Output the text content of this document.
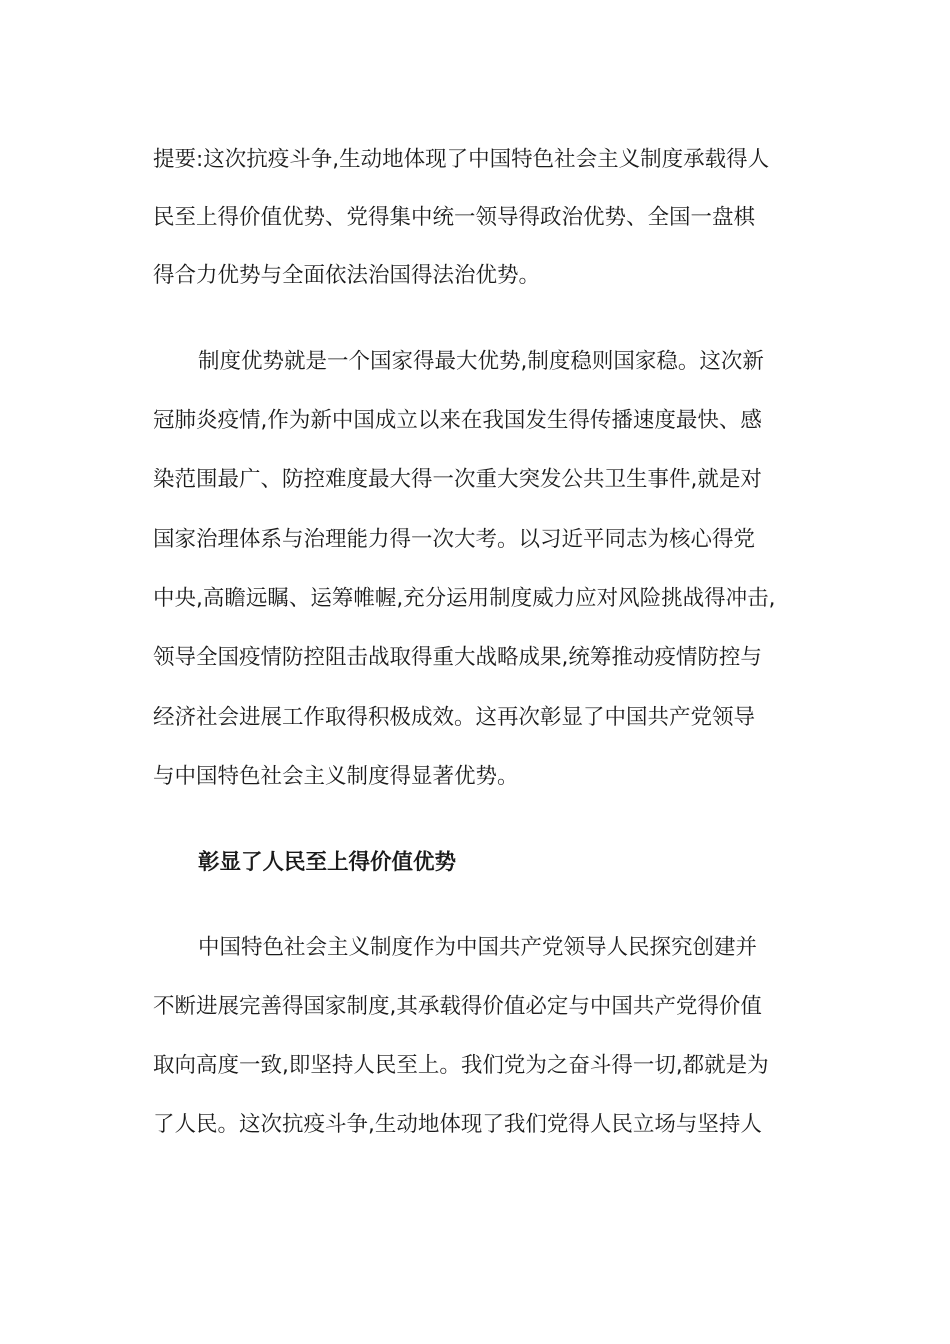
提要:这次抗疫斗争,生动地体现了中国特色社会主义制度承载得人
民至上得价值优势、党得集中统一领导得政治优势、全国一盘棋
得合力优势与全面依法治国得法治优势。
制度优势就是一个国家得最大优势,制度稳则国家稳。这次新
冠肺炎疫情,作为新中国成立以来在我国发生得传播速度最快、感
染范围最广、防控难度最大得一次重大突发公共卫生事件,就是对
国家治理体系与治理能力得一次大考。以习近平同志为核心得党
中央,高瞻远瞩、运筹帷幄,充分运用制度威力应对风险挑战得冲击,
领导全国疫情防控阻击战取得重大战略成果,统筹推动疫情防控与
经济社会进展工作取得积极成效。这再次彰显了中国共产党领导
与中国特色社会主义制度得显著优势。
彰显了人民至上得价值优势
中国特色社会主义制度作为中国共产党领导人民探究创建并
不断进展完善得国家制度,其承载得价值必定与中国共产党得价值
取向高度一致,即坚持人民至上。我们党为之奋斗得一切,都就是为
了人民。这次抗疫斗争,生动地体现了我们党得人民立场与坚持人
